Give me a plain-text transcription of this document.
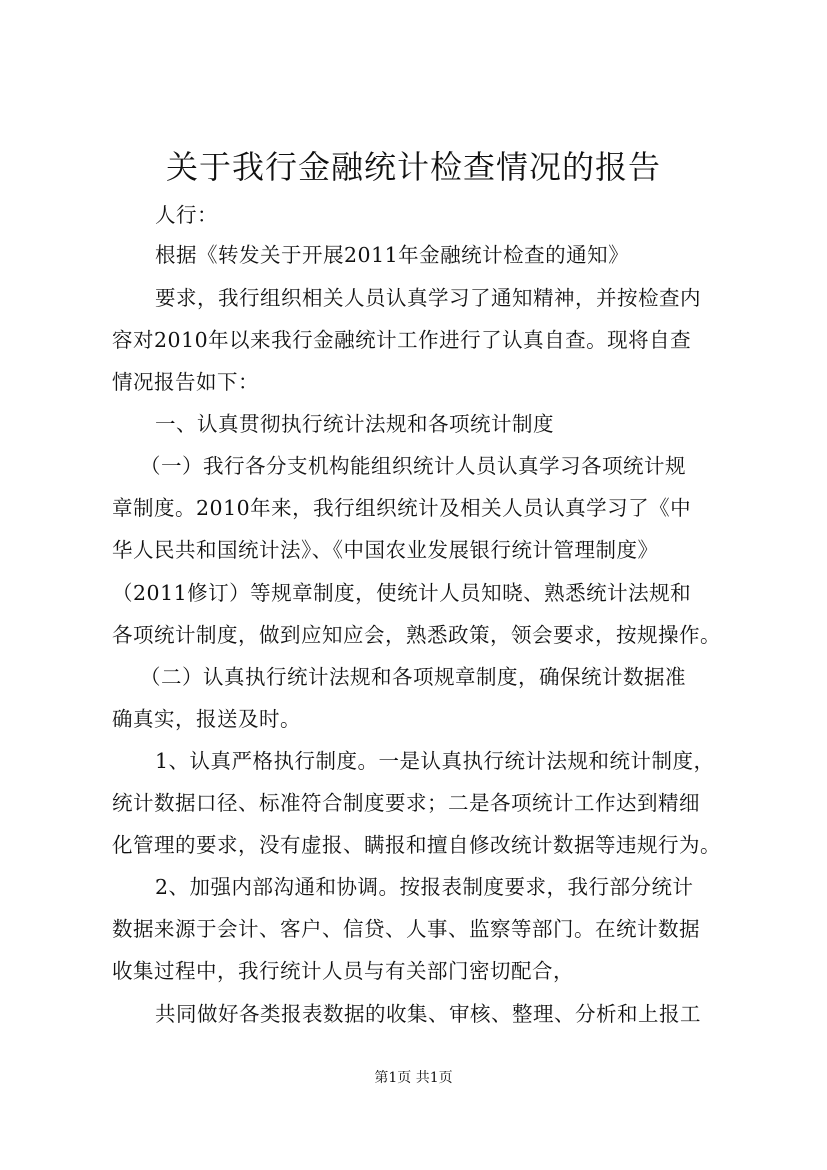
关于我行金融统计检查情况的报告
人行：
根据《转发关于开展2011年金融统计检查的通知》
要求，我行组织相关人员认真学习了通知精神，并按检查内
容对2010年以来我行金融统计工作进行了认真自查。现将自查
情况报告如下：
一、认真贯彻执行统计法规和各项统计制度
（一）我行各分支机构能组织统计人员认真学习各项统计规
章制度。2010年来，我行组织统计及相关人员认真学习了《中
华人民共和国统计法》、《中国农业发展银行统计管理制度》
（2011修订）等规章制度，使统计人员知晓、熟悉统计法规和
各项统计制度，做到应知应会，熟悉政策，领会要求，按规操作。
（二）认真执行统计法规和各项规章制度，确保统计数据准
确真实，报送及时。
1、认真严格执行制度。一是认真执行统计法规和统计制度，
统计数据口径、标准符合制度要求；二是各项统计工作达到精细
化管理的要求，没有虚报、瞒报和擅自修改统计数据等违规行为。
2、加强内部沟通和协调。按报表制度要求，我行部分统计
数据来源于会计、客户、信贷、人事、监察等部门。在统计数据
收集过程中，我行统计人员与有关部门密切配合，
共同做好各类报表数据的收集、审核、整理、分析和上报工
第1页 共1页
